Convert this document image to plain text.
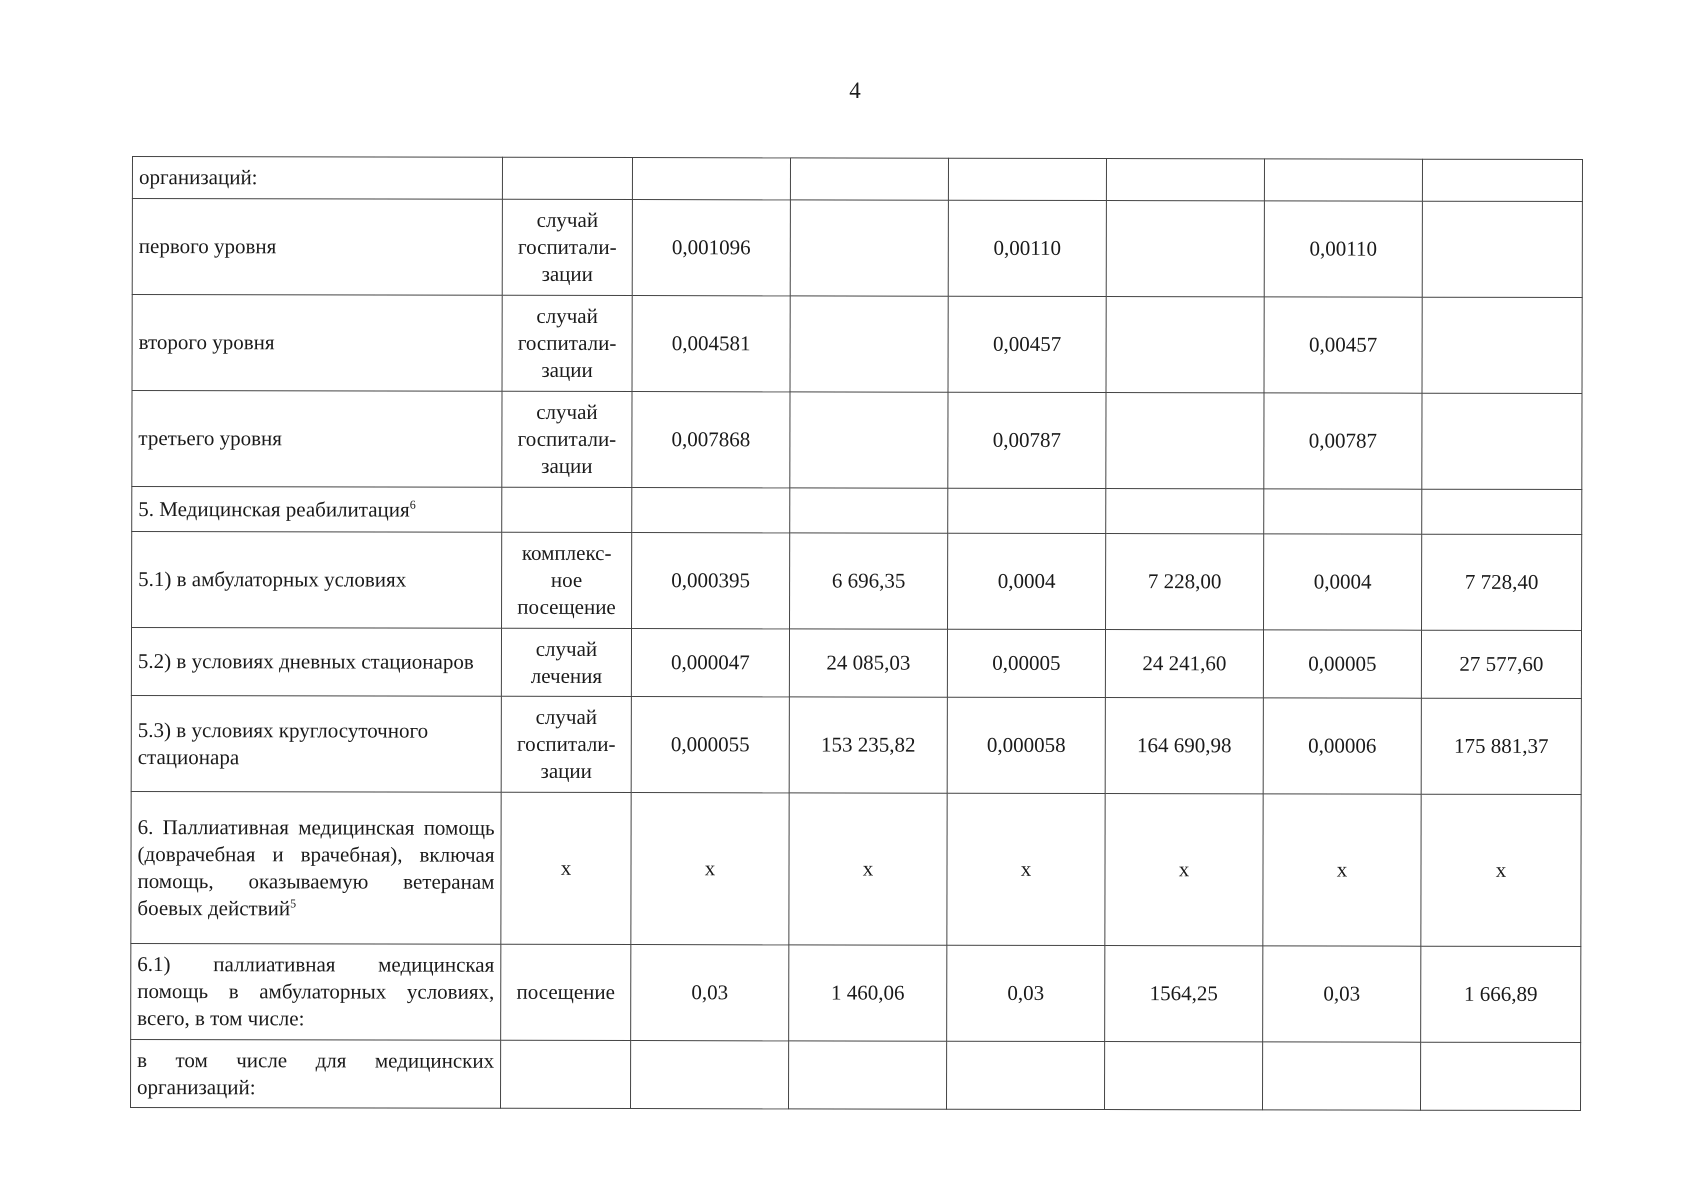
4
организаций:							
первого уровня	случай госпитали-зации	0,001096		0,00110		0,00110	
второго уровня	случай госпитали-зации	0,004581		0,00457		0,00457	
третьего уровня	случай госпитали-зации	0,007868		0,00787		0,00787	
5. Медицинская реабилитация$^6$							
5.1) в амбулаторных условиях	комплекс-ное посещение	0,000395	6 696,35	0,0004	7 228,00	0,0004	7 728,40
5.2) в условиях дневных стационаров	случай лечения	0,000047	24 085,03	0,00005	24 241,60	0,00005	27 577,60
5.3) в условиях круглосуточного стационара	случай госпитали-зации	0,000055	153 235,82	0,000058	164 690,98	0,00006	175 881,37
6. Паллиативная медицинская помощь (доврачебная и врачебная), включая помощь, оказываемую ветеранам боевых действий$^5$	х	х	х	х	х	х	х
6.1) паллиативная медицинская помощь в амбулаторных условиях, всего, в том числе:	посещение	0,03	1 460,06	0,03	1564,25	0,03	1 666,89
в том числе для медицинских организаций:							
